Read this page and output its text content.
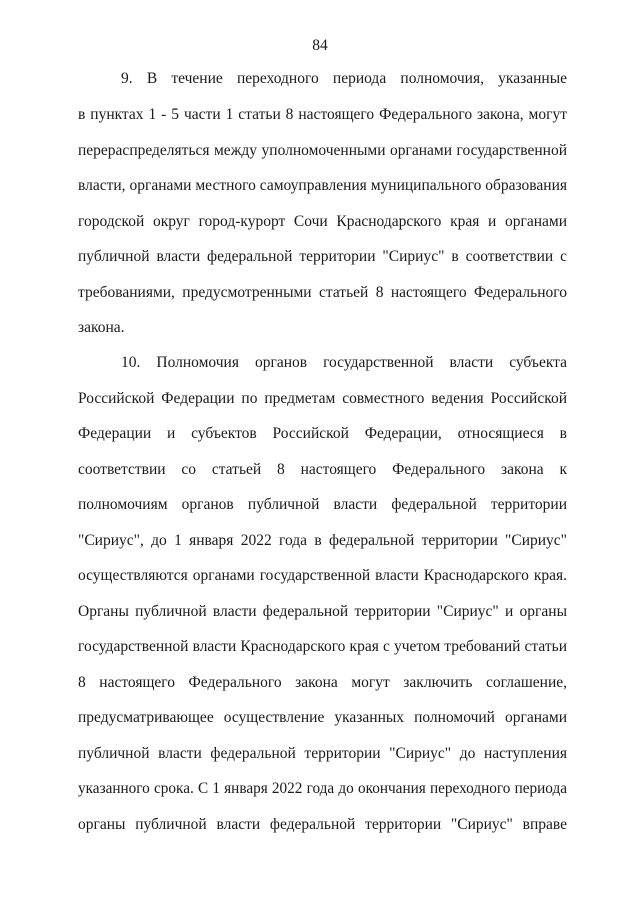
84
9. В течение переходного периода полномочия, указанные
в пунктах 1 - 5 части 1 статьи 8 настоящего Федерального закона, могут
перераспределяться между уполномоченными органами государственной
власти, органами местного самоуправления муниципального образования
городской округ город-курорт Сочи Краснодарского края и органами
публичной власти федеральной территории "Сириус" в соответствии с
требованиями, предусмотренными статьей 8 настоящего Федерального
закона.
10. Полномочия органов государственной власти субъекта
Российской Федерации по предметам совместного ведения Российской
Федерации и субъектов Российской Федерации, относящиеся в
соответствии со статьей 8 настоящего Федерального закона к
полномочиям органов публичной власти федеральной территории
"Сириус", до 1 января 2022 года в федеральной территории "Сириус"
осуществляются органами государственной власти Краснодарского края.
Органы публичной власти федеральной территории "Сириус" и органы
государственной власти Краснодарского края с учетом требований статьи
8 настоящего Федерального закона могут заключить соглашение,
предусматривающее осуществление указанных полномочий органами
публичной власти федеральной территории "Сириус" до наступления
указанного срока. С 1 января 2022 года до окончания переходного периода
органы публичной власти федеральной территории "Сириус" вправе
